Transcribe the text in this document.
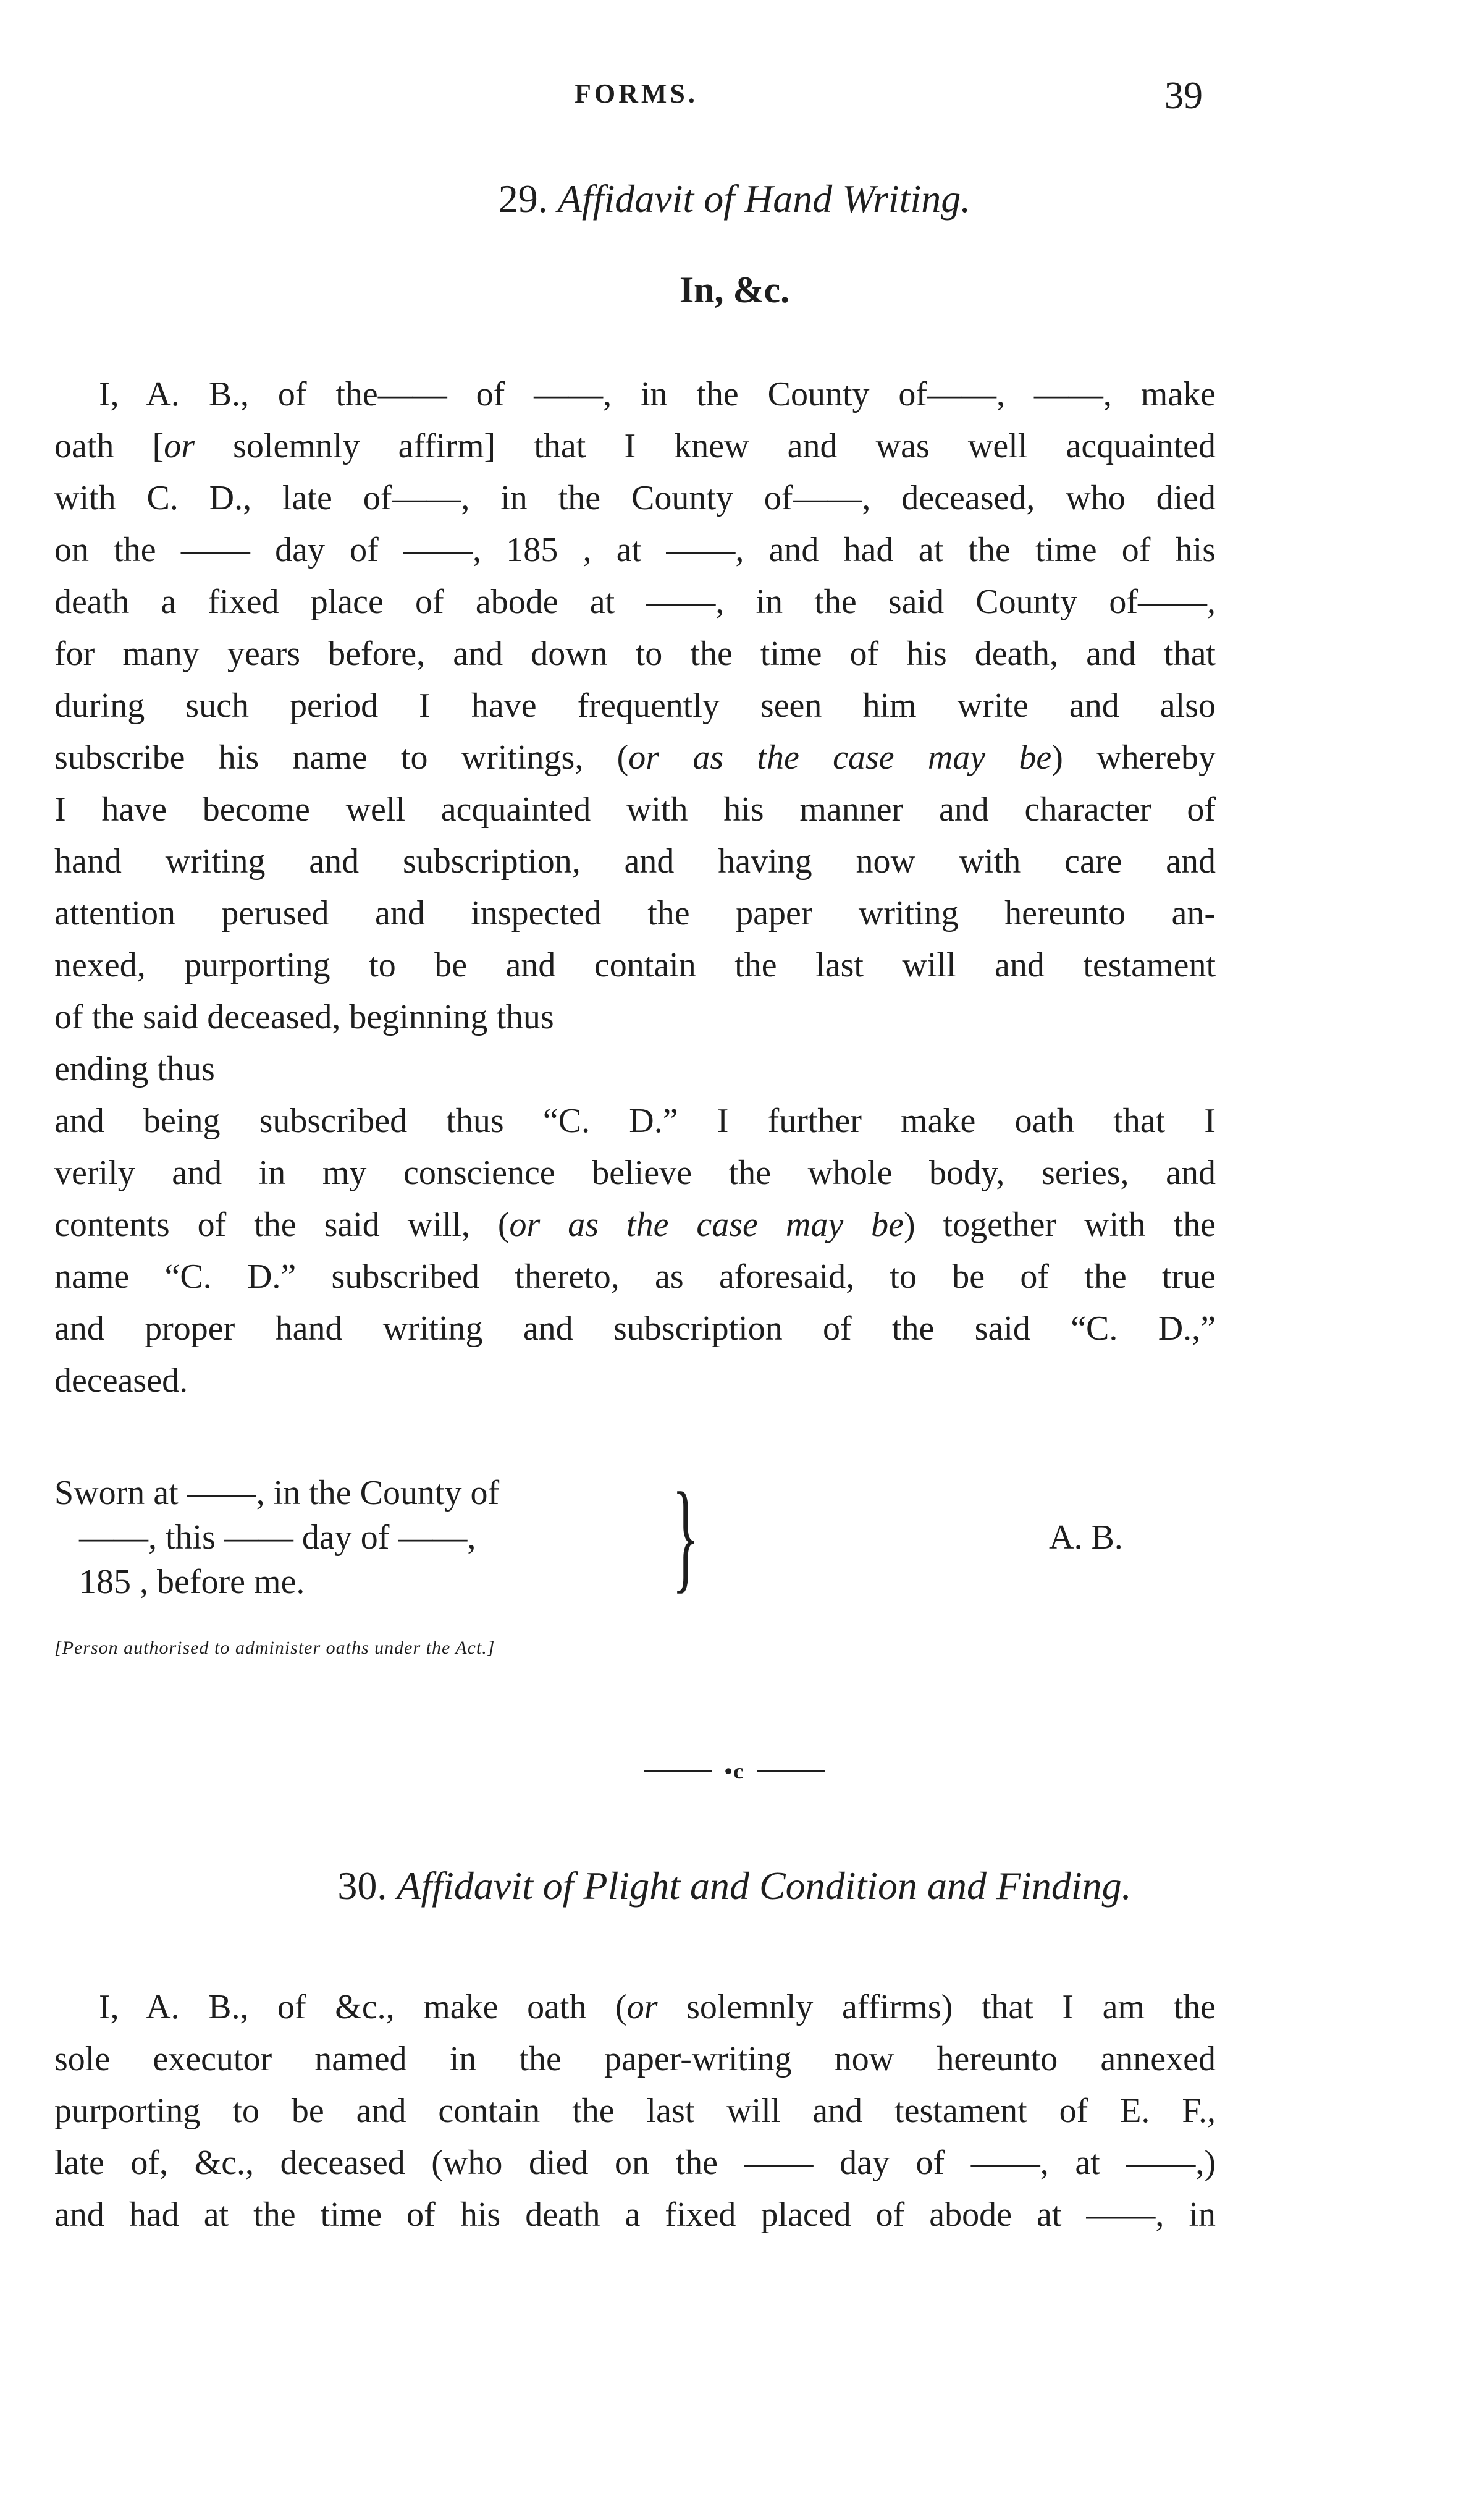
FORMS.	39
29. Affidavit of Hand Writing.
In, &c.
I, A. B., of the—— of ——, in the County of——, ——, make
oath [or solemnly affirm] that I knew and was well acquainted
with C. D., late of——, in the County of——, deceased, who died
on the —— day of ——, 185 , at ——, and had at the time of his
death a fixed place of abode at ——, in the said County of——,
for many years before, and down to the time of his death, and that
during such period I have frequently seen him write and also
subscribe his name to writings, (or as the case may be) whereby
I have become well acquainted with his manner and character of
hand writing and subscription, and having now with care and
attention perused and inspected the paper writing hereunto an-
nexed, purporting to be and contain the last will and testament
of the said deceased, beginning thus
ending thus
and being subscribed thus “C. D.” I further make oath that I
verily and in my conscience believe the whole body, series, and
contents of the said will, (or as the case may be) together with the
name “C. D.” subscribed thereto, as aforesaid, to be of the true
and proper hand writing and subscription of the said “C. D.,”
deceased.
Sworn at ——, in the County of
——, this —— day of ——,
185 , before me.	}	A. B.
[Person authorised to administer oaths under the Act.]
•c
30. Affidavit of Plight and Condition and Finding.
I, A. B., of &c., make oath (or solemnly affirms) that I am the
sole executor named in the paper-writing now hereunto annexed
purporting to be and contain the last will and testament of E. F.,
late of, &c., deceased (who died on the —— day of ——, at ——,)
and had at the time of his death a fixed placed of abode at ——, in
